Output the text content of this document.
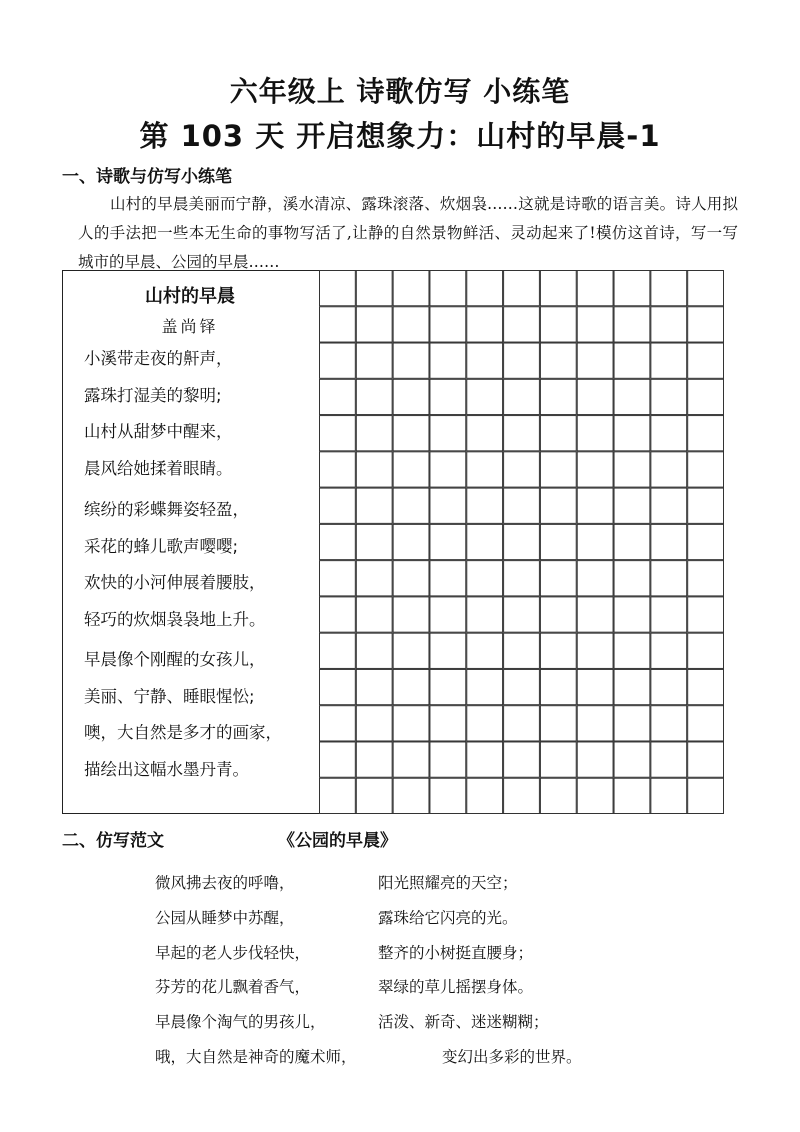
六年级上 诗歌仿写 小练笔
第 103 天 开启想象力：山村的早晨-1
一、诗歌与仿写小练笔

山村的早晨美丽而宁静，溪水清凉、露珠滚落、炊烟袅……这就是诗歌的语言美。诗人用拟人的手法把一些本无生命的事物写活了,让静的自然景物鲜活、灵动起来了!模仿这首诗，写一写城市的早晨、公园的早晨……

山村的早晨
盖尚铎
小溪带走夜的鼾声，
露珠打湿美的黎明;
山村从甜梦中醒来，
晨风给她揉着眼睛。
缤纷的彩蝶舞姿轻盈，
采花的蜂儿歌声嘤嘤;
欢快的小河伸展着腰肢，
轻巧的炊烟袅袅地上升。
早晨像个刚醒的女孩儿，
美丽、宁静、睡眼惺忪;
噢，大自然是多才的画家，
描绘出这幅水墨丹青。
二、仿写范文	《公园的早晨》
微风拂去夜的呼噜，
公园从睡梦中苏醒，
早起的老人步伐轻快，
芬芳的花儿飘着香气，
早晨像个淘气的男孩儿，
哦，大自然是神奇的魔术师，
阳光照耀亮的天空；
露珠给它闪亮的光。
整齐的小树挺直腰身；
翠绿的草儿摇摆身体。
活泼、新奇、迷迷糊糊；
变幻出多彩的世界。
